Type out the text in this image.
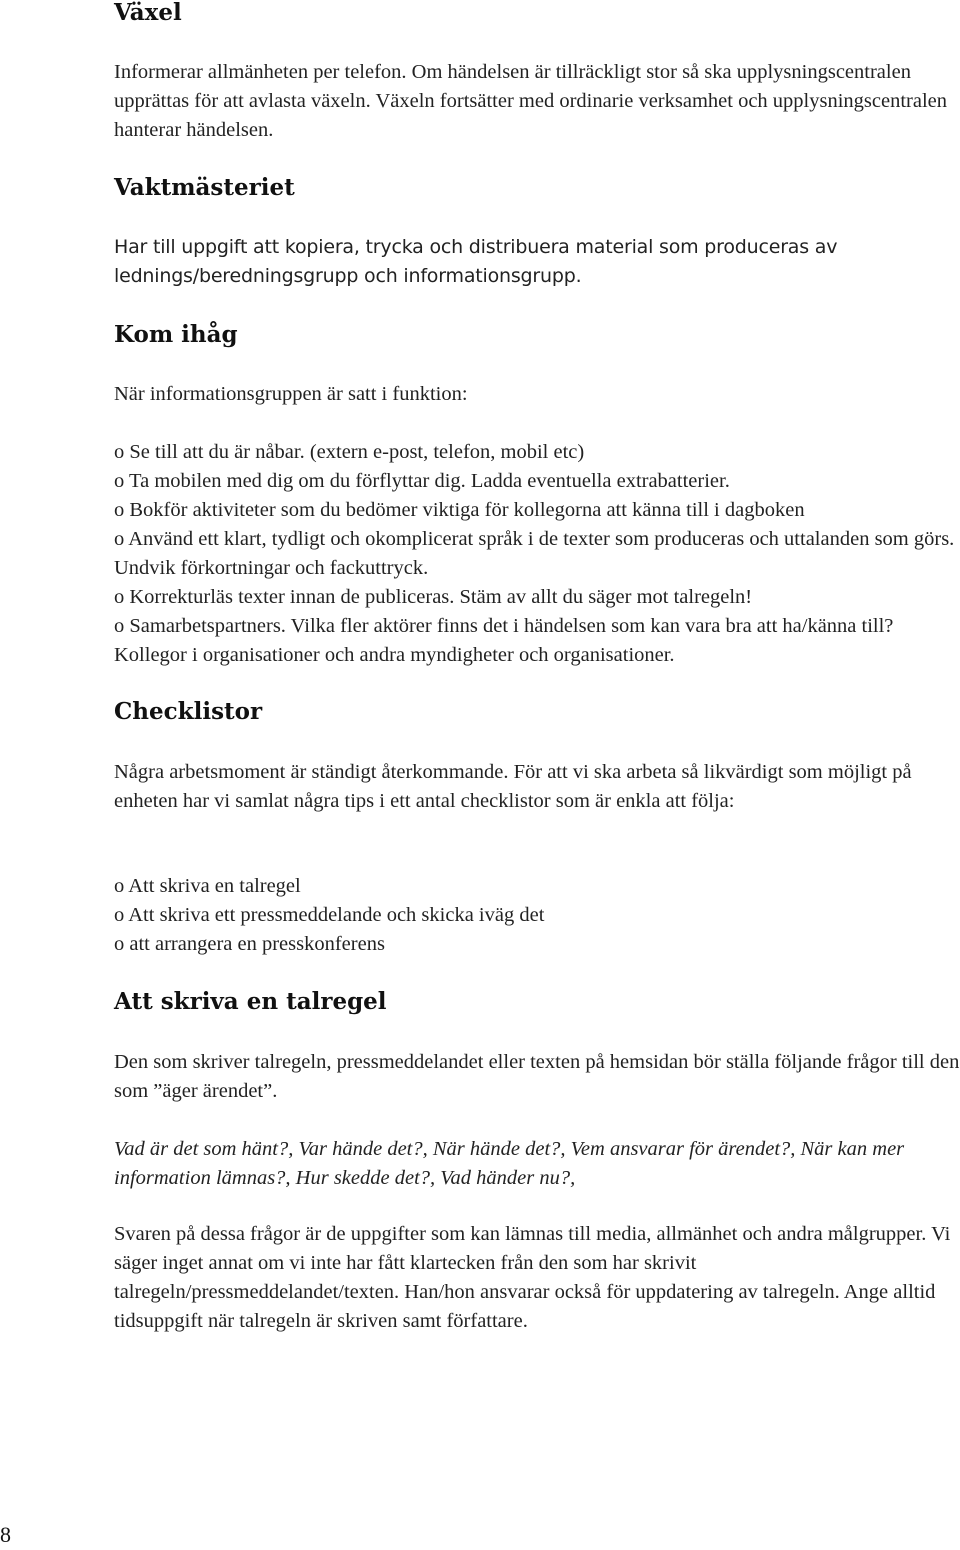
Växel

Informerar allmänheten per telefon. Om händelsen är tillräckligt stor så ska upplysningscentralen upprättas för att avlasta växeln. Växeln fortsätter med ordinarie verksamhet och upplysningscentralen hanterar händelsen.

Vaktmästeriet

Har till uppgift att kopiera, trycka och distribuera material som produceras av lednings/beredningsgrupp och informationsgrupp.

Kom ihåg

När informationsgruppen är satt i funktion:

o Se till att du är nåbar. (extern e-post, telefon, mobil etc)
o Ta mobilen med dig om du förflyttar dig. Ladda eventuella extrabatterier.
o Bokför aktiviteter som du bedömer viktiga för kollegorna att känna till i dagboken
o Använd ett klart, tydligt och okomplicerat språk i de texter som produceras och uttalanden som görs. Undvik förkortningar och fackuttryck.
o Korrekturläs texter innan de publiceras. Stäm av allt du säger mot talregeln!
o Samarbetspartners. Vilka fler aktörer finns det i händelsen som kan vara bra att ha/känna till? Kollegor i organisationer och andra myndigheter och organisationer.
Checklistor

Några arbetsmoment är ständigt återkommande. För att vi ska arbeta så likvärdigt som möjligt på enheten har vi samlat några tips i ett antal checklistor som är enkla att följa:

o Att skriva en talregel
o Att skriva ett pressmeddelande och skicka iväg det
o att arrangera en presskonferens
Att skriva en talregel

Den som skriver talregeln, pressmeddelandet eller texten på hemsidan bör ställa följande frågor till den som ”äger ärendet”.

Vad är det som hänt?, Var hände det?, När hände det?, Vem ansvarar för ärendet?, När kan mer information lämnas?, Hur skedde det?, Vad händer nu?,

Svaren på dessa frågor är de uppgifter som kan lämnas till media, allmänhet och andra målgrupper. Vi säger inget annat om vi inte har fått klartecken från den som har skrivit talregeln/pressmeddelandet/texten. Han/hon ansvarar också för uppdatering av talregeln. Ange alltid tidsuppgift när talregeln är skriven samt författare.

8
